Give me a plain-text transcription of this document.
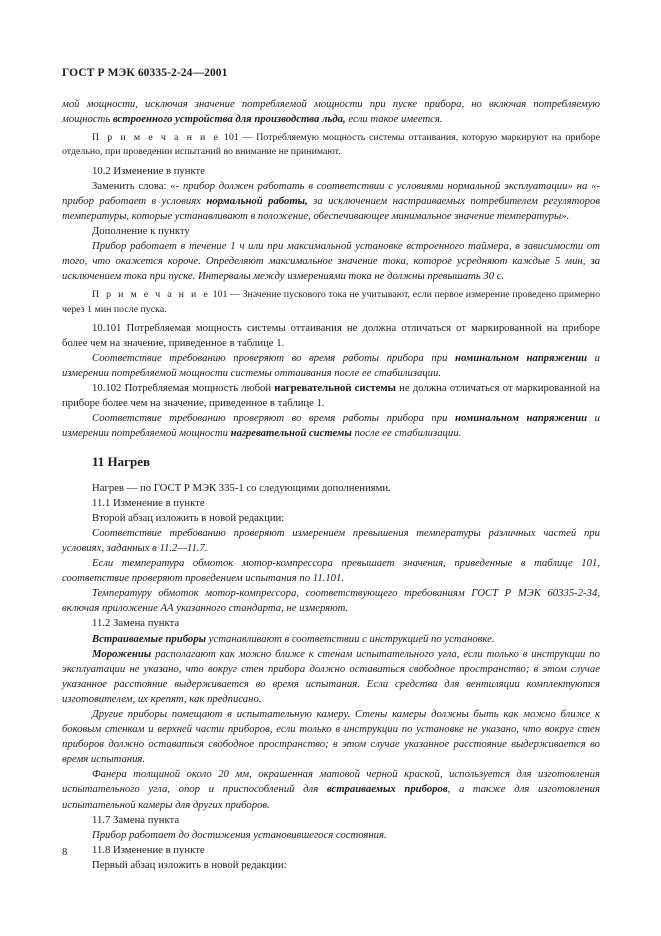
ГОСТ Р МЭК 60335-2-24—2001

мой мощности, исключая значение потребляемой мощности при пуске прибора, но включая потребляемую мощность встроенного устройства для производства льда, если такое имеется.

П р и м е ч а н и е 101 — Потребляемую мощность системы оттаивания, которую маркируют на приборе отдельно, при проведении испытаний во внимание не принимают.

10.2 Изменение в пункте

Заменить слова: «- прибор должен работать в соответствии с условиями нормальной эксплуатации» на «- прибор работает в условиях нормальной работы, за исключением настраиваемых потребителем регуляторов температуры, которые устанавливают в положение, обеспечивающее минимальное значение температуры».

Дополнение к пункту

Прибор работает в течение 1 ч или при максимальной установке встроенного таймера, в зависимости от того, что окажется короче. Определяют максимальное значение тока, которое усредняют каждые 5 мин, за исключением тока при пуске. Интервалы между измерениями тока не должны превышать 30 с.

П р и м е ч а н и е 101 — Значение пускового тока не учитывают, если первое измерение проведено примерно через 1 мин после пуска.

10.101 Потребляемая мощность системы оттаивания не должна отличаться от маркированной на приборе более чем на значение, приведенное в таблице 1.

Соответствие требованию проверяют во время работы прибора при номинальном напряжении и измерении потребляемой мощности системы оттаивания после ее стабилизации.

10.102 Потребляемая мощность любой нагревательной системы не должна отличаться от маркированной на приборе более чем на значение, приведенное в таблице 1.

Соответствие требованию проверяют во время работы прибора при номинальном напряжении и измерении потребляемой мощности нагревательной системы после ее стабилизации.

11 Нагрев

Нагрев — по ГОСТ Р МЭК 335-1 со следующими дополнениями.

11.1 Изменение в пункте

Второй абзац изложить в новой редакции:

Соответствие требованию проверяют измерением превышения температуры различных частей при условиях, заданных в 11.2—11.7.

Если температура обмоток мотор-компрессора превышает значения, приведенные в таблице 101, соответствие проверяют проведением испытания по 11.101.

Температуру обмоток мотор-компрессора, соответствующего требованиям ГОСТ Р МЭК 60335-2-34, включая приложение АА указанного стандарта, не измеряют.

11.2 Замена пункта

Встраиваемые приборы устанавливают в соответствии с инструкцией по установке.

Морожениы располагают как можно ближе к стенам испытательного угла, если только в инструкции по эксплуатации не указано, что вокруг стен прибора должно оставаться свободное пространство; в этом случае указанное расстояние выдерживается во время испытания. Если средства для вентиляции комплектуются изготовителем, их крепят, как предписано.

Другие приборы помещают в испытательную камеру. Стены камеры должны быть как можно ближе к боковым стенкам и верхней части приборов, если только в инструкции по установке не указано, что вокруг стен приборов должно оставаться свободное пространство; в этом случае указанное расстояние выдерживается во время испытания.

Фанера толщиной около 20 мм, окрашенная матовой черной краской, используется для изготовления испытательного угла, опор и приспособлений для встраиваемых приборов, а также для изготовления испытательной камеры для других приборов.

11.7 Замена пункта

Прибор работает до достижения установившегося состояния.

11.8 Изменение в пункте

Первый абзац изложить в новой редакции:

8
